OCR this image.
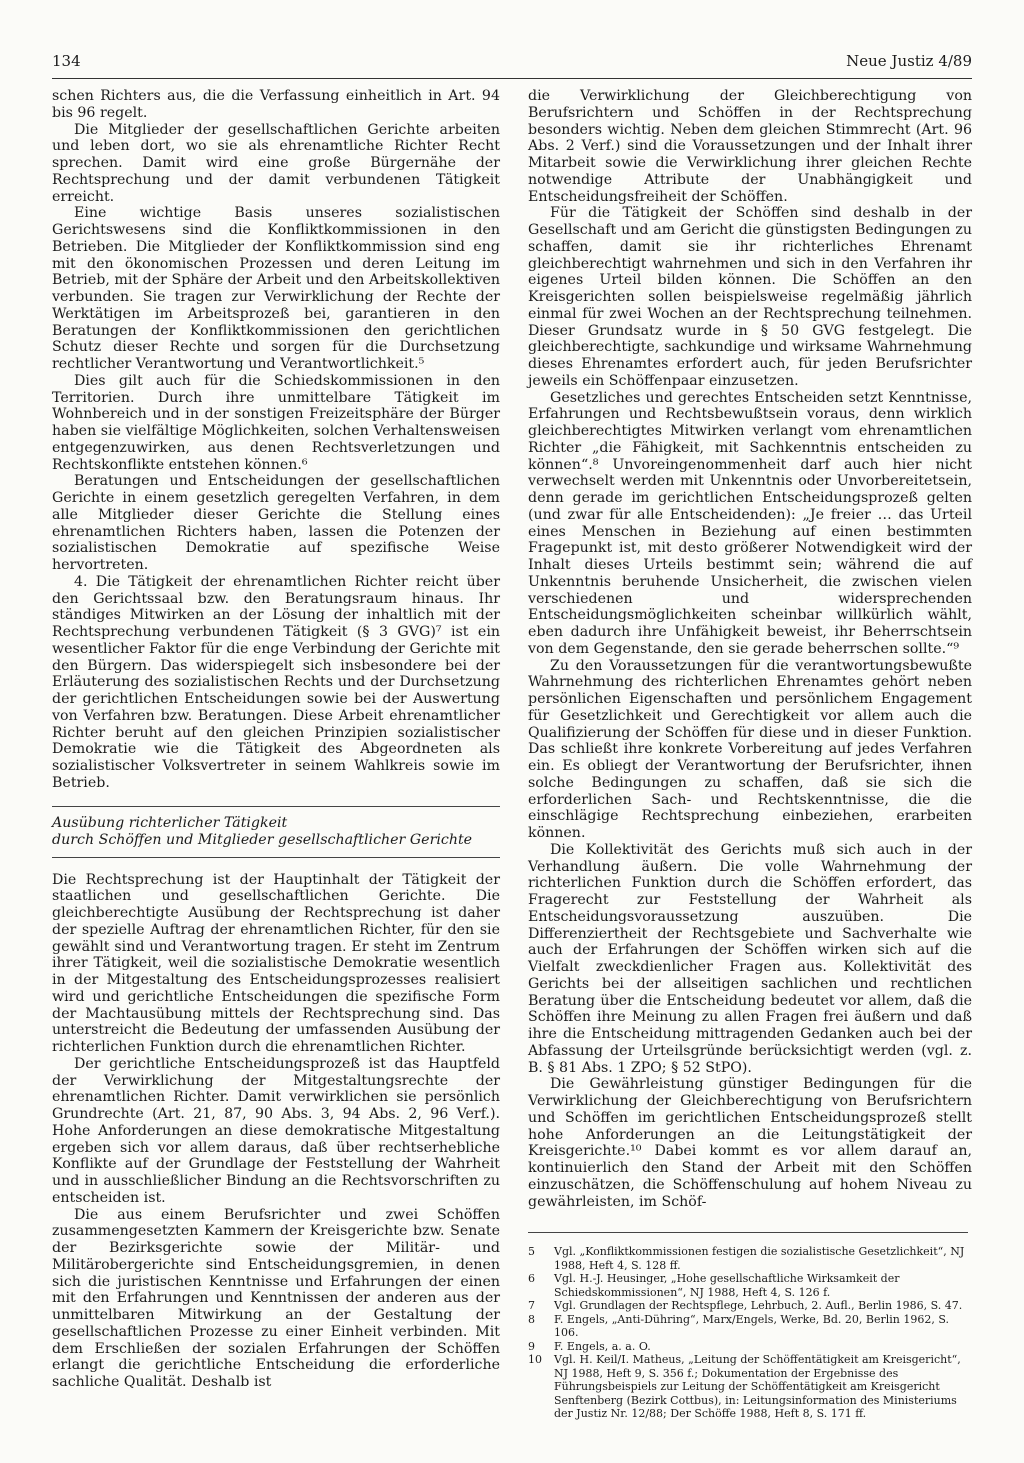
134	Neue Justiz 4/89

schen Richters aus, die die Verfassung einheitlich in Art. 94 bis 96 regelt.

Die Mitglieder der gesellschaftlichen Gerichte arbeiten und leben dort, wo sie als ehrenamtliche Richter Recht sprechen. Damit wird eine große Bürgernähe der Rechtsprechung und der damit verbundenen Tätigkeit erreicht.

Eine wichtige Basis unseres sozialistischen Gerichtswesens sind die Konfliktkommissionen in den Betrieben. Die Mitglieder der Konfliktkommission sind eng mit den ökonomischen Prozessen und deren Leitung im Betrieb, mit der Sphäre der Arbeit und den Arbeitskollektiven verbunden. Sie tragen zur Verwirklichung der Rechte der Werktätigen im Arbeitsprozeß bei, garantieren in den Beratungen der Konfliktkommissionen den gerichtlichen Schutz dieser Rechte und sorgen für die Durchsetzung rechtlicher Verantwortung und Verantwortlichkeit.⁵

Dies gilt auch für die Schiedskommissionen in den Territorien. Durch ihre unmittelbare Tätigkeit im Wohnbereich und in der sonstigen Freizeitsphäre der Bürger haben sie vielfältige Möglichkeiten, solchen Verhaltensweisen entgegenzuwirken, aus denen Rechtsverletzungen und Rechtskonflikte entstehen können.⁶

Beratungen und Entscheidungen der gesellschaftlichen Gerichte in einem gesetzlich geregelten Verfahren, in dem alle Mitglieder dieser Gerichte die Stellung eines ehrenamtlichen Richters haben, lassen die Potenzen der sozialistischen Demokratie auf spezifische Weise hervortreten.

4. Die Tätigkeit der ehrenamtlichen Richter reicht über den Gerichtssaal bzw. den Beratungsraum hinaus. Ihr ständiges Mitwirken an der Lösung der inhaltlich mit der Rechtsprechung verbundenen Tätigkeit (§ 3 GVG)⁷ ist ein wesentlicher Faktor für die enge Verbindung der Gerichte mit den Bürgern. Das widerspiegelt sich insbesondere bei der Erläuterung des sozialistischen Rechts und der Durchsetzung der gerichtlichen Entscheidungen sowie bei der Auswertung von Verfahren bzw. Beratungen. Diese Arbeit ehrenamtlicher Richter beruht auf den gleichen Prinzipien sozialistischer Demokratie wie die Tätigkeit des Abgeordneten als sozialistischer Volksvertreter in seinem Wahlkreis sowie im Betrieb.

Ausübung richterlicher Tätigkeit

durch Schöffen und Mitglieder gesellschaftlicher Gerichte

Die Rechtsprechung ist der Hauptinhalt der Tätigkeit der staatlichen und gesellschaftlichen Gerichte. Die gleichberechtigte Ausübung der Rechtsprechung ist daher der spezielle Auftrag der ehrenamtlichen Richter, für den sie gewählt sind und Verantwortung tragen. Er steht im Zentrum ihrer Tätigkeit, weil die sozialistische Demokratie wesentlich in der Mitgestaltung des Entscheidungsprozesses realisiert wird und gerichtliche Entscheidungen die spezifische Form der Machtausübung mittels der Rechtsprechung sind. Das unterstreicht die Bedeutung der umfassenden Ausübung der richterlichen Funktion durch die ehrenamtlichen Richter.

Der gerichtliche Entscheidungsprozeß ist das Hauptfeld der Verwirklichung der Mitgestaltungsrechte der ehrenamtlichen Richter. Damit verwirklichen sie persönlich Grundrechte (Art. 21, 87, 90 Abs. 3, 94 Abs. 2, 96 Verf.). Hohe Anforderungen an diese demokratische Mitgestaltung ergeben sich vor allem daraus, daß über rechtserhebliche Konflikte auf der Grundlage der Feststellung der Wahrheit und in ausschließlicher Bindung an die Rechtsvorschriften zu entscheiden ist.

Die aus einem Berufsrichter und zwei Schöffen zusammengesetzten Kammern der Kreisgerichte bzw. Senate der Bezirksgerichte sowie der Militär- und Militärobergerichte sind Entscheidungsgremien, in denen sich die juristischen Kenntnisse und Erfahrungen der einen mit den Erfahrungen und Kenntnissen der anderen aus der unmittelbaren Mitwirkung an der Gestaltung der gesellschaftlichen Prozesse zu einer Einheit verbinden. Mit dem Erschließen der sozialen Erfahrungen der Schöffen erlangt die gerichtliche Entscheidung die erforderliche sachliche Qualität. Deshalb ist

die Verwirklichung der Gleichberechtigung von Berufsrichtern und Schöffen in der Rechtsprechung besonders wichtig. Neben dem gleichen Stimmrecht (Art. 96 Abs. 2 Verf.) sind die Voraussetzungen und der Inhalt ihrer Mitarbeit sowie die Verwirklichung ihrer gleichen Rechte notwendige Attribute der Unabhängigkeit und Entscheidungsfreiheit der Schöffen.

Für die Tätigkeit der Schöffen sind deshalb in der Gesellschaft und am Gericht die günstigsten Bedingungen zu schaffen, damit sie ihr richterliches Ehrenamt gleichberechtigt wahrnehmen und sich in den Verfahren ihr eigenes Urteil bilden können. Die Schöffen an den Kreisgerichten sollen beispielsweise regelmäßig jährlich einmal für zwei Wochen an der Rechtsprechung teilnehmen. Dieser Grundsatz wurde in § 50 GVG festgelegt. Die gleichberechtigte, sachkundige und wirksame Wahrnehmung dieses Ehrenamtes erfordert auch, für jeden Berufsrichter jeweils ein Schöffenpaar einzusetzen.

Gesetzliches und gerechtes Entscheiden setzt Kenntnisse, Erfahrungen und Rechtsbewußtsein voraus, denn wirklich gleichberechtigtes Mitwirken verlangt vom ehrenamtlichen Richter „die Fähigkeit, mit Sachkenntnis entscheiden zu können“.⁸ Unvoreingenommenheit darf auch hier nicht verwechselt werden mit Unkenntnis oder Unvorbereitetsein, denn gerade im gerichtlichen Entscheidungsprozeß gelten (und zwar für alle Entscheidenden): „Je freier … das Urteil eines Menschen in Beziehung auf einen bestimmten Fragepunkt ist, mit desto größerer Notwendigkeit wird der Inhalt dieses Urteils bestimmt sein; während die auf Unkenntnis beruhende Unsicherheit, die zwischen vielen verschiedenen und widersprechenden Entscheidungsmöglichkeiten scheinbar willkürlich wählt, eben dadurch ihre Unfähigkeit beweist, ihr Beherrschtsein von dem Gegenstande, den sie gerade beherrschen sollte.“⁹

Zu den Voraussetzungen für die verantwortungsbewußte Wahrnehmung des richterlichen Ehrenamtes gehört neben persönlichen Eigenschaften und persönlichem Engagement für Gesetzlichkeit und Gerechtigkeit vor allem auch die Qualifizierung der Schöffen für diese und in dieser Funktion. Das schließt ihre konkrete Vorbereitung auf jedes Verfahren ein. Es obliegt der Verantwortung der Berufsrichter, ihnen solche Bedingungen zu schaffen, daß sie sich die erforderlichen Sach- und Rechtskenntnisse, die die einschlägige Rechtsprechung einbeziehen, erarbeiten können.

Die Kollektivität des Gerichts muß sich auch in der Verhandlung äußern. Die volle Wahrnehmung der richterlichen Funktion durch die Schöffen erfordert, das Fragerecht zur Feststellung der Wahrheit als Entscheidungsvoraussetzung auszuüben. Die Differenziertheit der Rechtsgebiete und Sachverhalte wie auch der Erfahrungen der Schöffen wirken sich auf die Vielfalt zweckdienlicher Fragen aus. Kollektivität des Gerichts bei der allseitigen sachlichen und rechtlichen Beratung über die Entscheidung bedeutet vor allem, daß die Schöffen ihre Meinung zu allen Fragen frei äußern und daß ihre die Entscheidung mittragenden Gedanken auch bei der Abfassung der Urteilsgründe berücksichtigt werden (vgl. z. B. § 81 Abs. 1 ZPO; § 52 StPO).

Die Gewährleistung günstiger Bedingungen für die Verwirklichung der Gleichberechtigung von Berufsrichtern und Schöffen im gerichtlichen Entscheidungsprozeß stellt hohe Anforderungen an die Leitungstätigkeit der Kreisgerichte.¹⁰ Dabei kommt es vor allem darauf an, kontinuierlich den Stand der Arbeit mit den Schöffen einzuschätzen, die Schöffenschulung auf hohem Niveau zu gewährleisten, im Schöf-

5	Vgl. „Konfliktkommissionen festigen die sozialistische Gesetzlichkeit“, NJ 1988, Heft 4, S. 128 ff.
6	Vgl. H.-J. Heusinger, „Hohe gesellschaftliche Wirksamkeit der Schiedskommissionen“, NJ 1988, Heft 4, S. 126 f.
7	Vgl. Grundlagen der Rechtspflege, Lehrbuch, 2. Aufl., Berlin 1986, S. 47.
8	F. Engels, „Anti-Dühring“, Marx/Engels, Werke, Bd. 20, Berlin 1962, S. 106.
9	F. Engels, a. a. O.
10	Vgl. H. Keil/I. Matheus, „Leitung der Schöffentätigkeit am Kreisgericht“, NJ 1988, Heft 9, S. 356 f.; Dokumentation der Ergebnisse des Führungsbeispiels zur Leitung der Schöffentätigkeit am Kreisgericht Senftenberg (Bezirk Cottbus), in: Leitungsinformation des Ministeriums der Justiz Nr. 12/88; Der Schöffe 1988, Heft 8, S. 171 ff.
